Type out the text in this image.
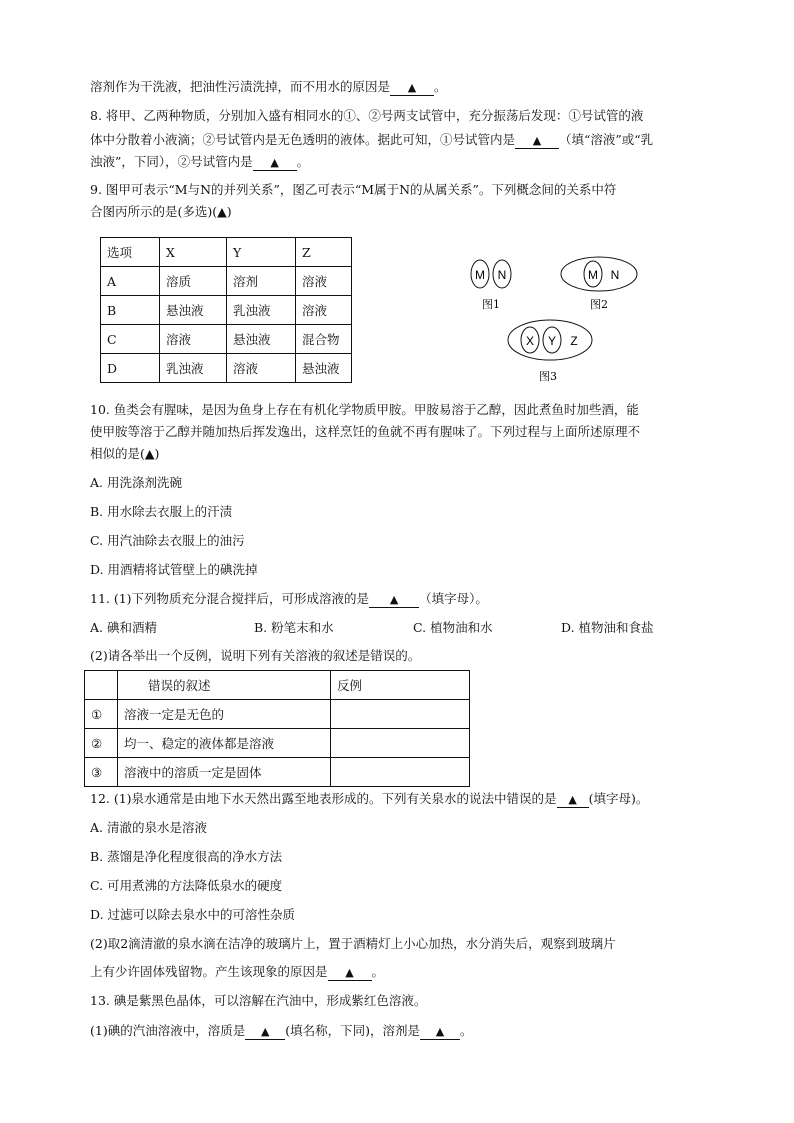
溶剂作为干洗液，把油性污渍洗掉，而不用水的原因是 ▲ 。
8. 将甲、乙两种物质，分别加入盛有相同水的①、②号两支试管中，充分振荡后发现：①号试管的液
体中分散着小液滴；②号试管内是无色透明的液体。据此可知，①号试管内是 ▲ （填“溶液”或“乳
浊液”，下同），②号试管内是 ▲ 。
9. 图甲可表示“M与N的并列关系”，图乙可表示“M属于N的从属关系”。下列概念间的关系中符
合图丙所示的是(多选)(▲)
选项	X	Y	Z
A	溶质	溶剂	溶液
B	悬浊液	乳浊液	溶液
C	溶液	悬浊液	混合物
D	乳浊液	溶液	悬浊液
M N
图1
M N
图2
X Y Z
图3
10. 鱼类会有腥味，是因为鱼身上存在有机化学物质甲胺。甲胺易溶于乙醇，因此煮鱼时加些酒，能
使甲胺等溶于乙醇并随加热后挥发逸出，这样烹饪的鱼就不再有腥味了。下列过程与上面所述原理不
相似的是(▲)
A. 用洗涤剂洗碗
B. 用水除去衣服上的汗渍
C. 用汽油除去衣服上的油污
D. 用酒精将试管壁上的碘洗掉
11. (1)下列物质充分混合搅拌后，可形成溶液的是 ▲ （填字母）。
A. 碘和酒精	B. 粉笔末和水	C. 植物油和水	D. 植物油和食盐
(2)请各举出一个反例，说明下列有关溶液的叙述是错误的。
	错误的叙述	反例
①	溶液一定是无色的	
②	均一、稳定的液体都是溶液	
③	溶液中的溶质一定是固体	
12. (1)泉水通常是由地下水天然出露至地表形成的。下列有关泉水的说法中错误的是 ▲ (填字母)。
A. 清澈的泉水是溶液
B. 蒸馏是净化程度很高的净水方法
C. 可用煮沸的方法降低泉水的硬度
D. 过滤可以除去泉水中的可溶性杂质
(2)取2滴清澈的泉水滴在洁净的玻璃片上，置于酒精灯上小心加热，水分消失后，观察到玻璃片
上有少许固体残留物。产生该现象的原因是 ▲ 。
13. 碘是紫黑色晶体，可以溶解在汽油中，形成紫红色溶液。
(1)碘的汽油溶液中，溶质是 ▲ (填名称，下同)，溶剂是 ▲ 。
